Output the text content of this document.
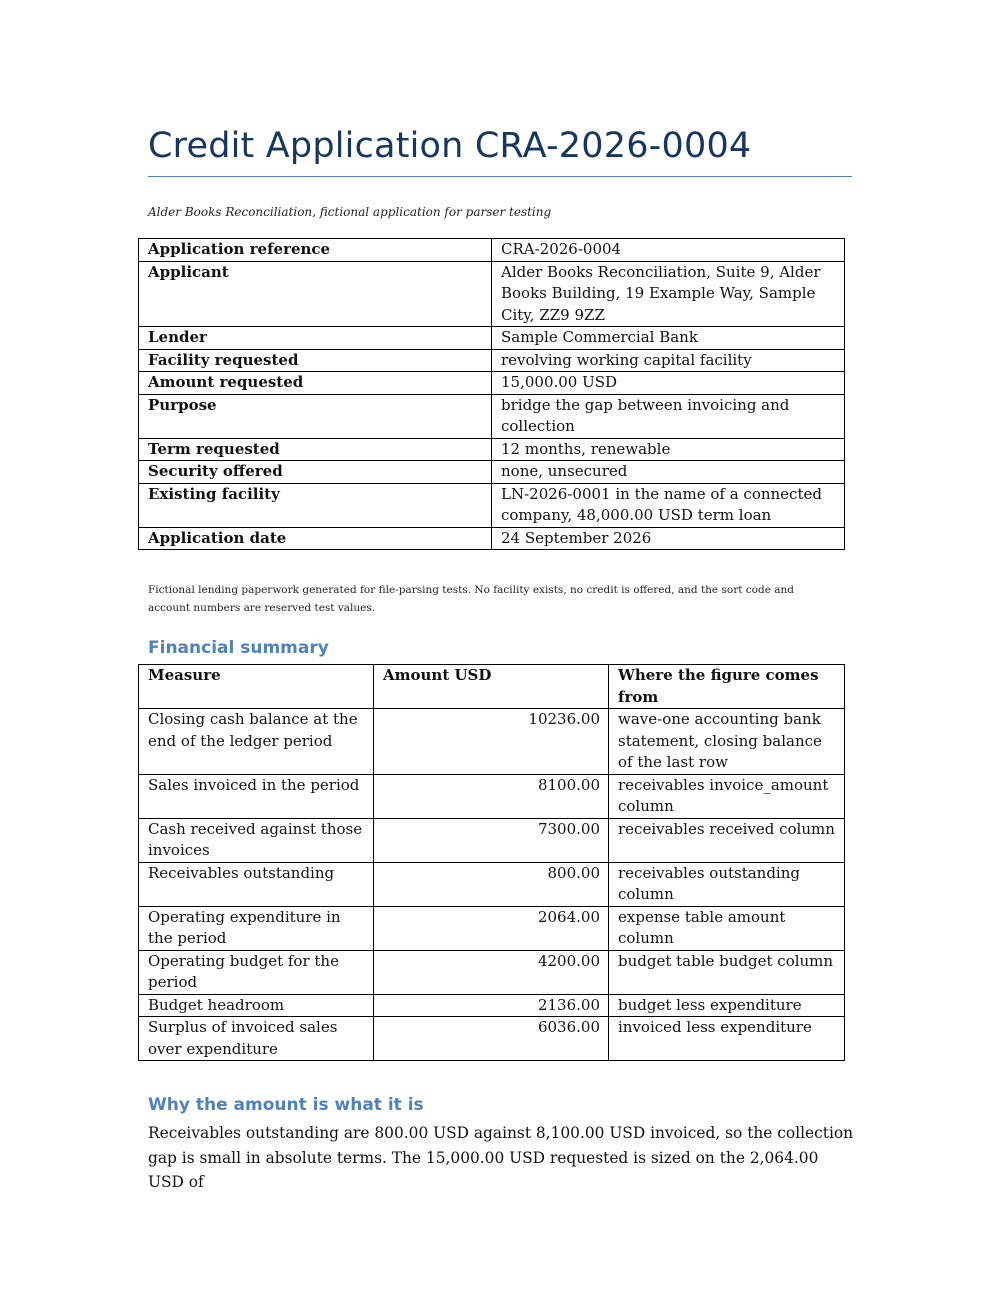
Credit Application CRA-2026-0004
Alder Books Reconciliation, fictional application for parser testing
Application reference	CRA-2026-0004
Applicant	Alder Books Reconciliation, Suite 9, Alder Books Building, 19 Example Way, Sample City, ZZ9 9ZZ
Lender	Sample Commercial Bank
Facility requested	revolving working capital facility
Amount requested	15,000.00 USD
Purpose	bridge the gap between invoicing and collection
Term requested	12 months, renewable
Security offered	none, unsecured
Existing facility	LN-2026-0001 in the name of a connected company, 48,000.00 USD term loan
Application date	24 September 2026
Fictional lending paperwork generated for file-parsing tests. No facility exists, no credit is offered, and the sort code and account numbers are reserved test values.
Financial summary
Measure	Amount USD	Where the figure comes from
Closing cash balance at the end of the ledger period	10236.00	wave-one accounting bank statement, closing balance of the last row
Sales invoiced in the period	8100.00	receivables invoice_amount column
Cash received against those invoices	7300.00	receivables received column
Receivables outstanding	800.00	receivables outstanding column
Operating expenditure in the period	2064.00	expense table amount column
Operating budget for the period	4200.00	budget table budget column
Budget headroom	2136.00	budget less expenditure
Surplus of invoiced sales over expenditure	6036.00	invoiced less expenditure
Why the amount is what it is

Receivables outstanding are 800.00 USD against 8,100.00 USD invoiced, so the collection gap is small in absolute terms. The 15,000.00 USD requested is sized on the 2,064.00 USD of
